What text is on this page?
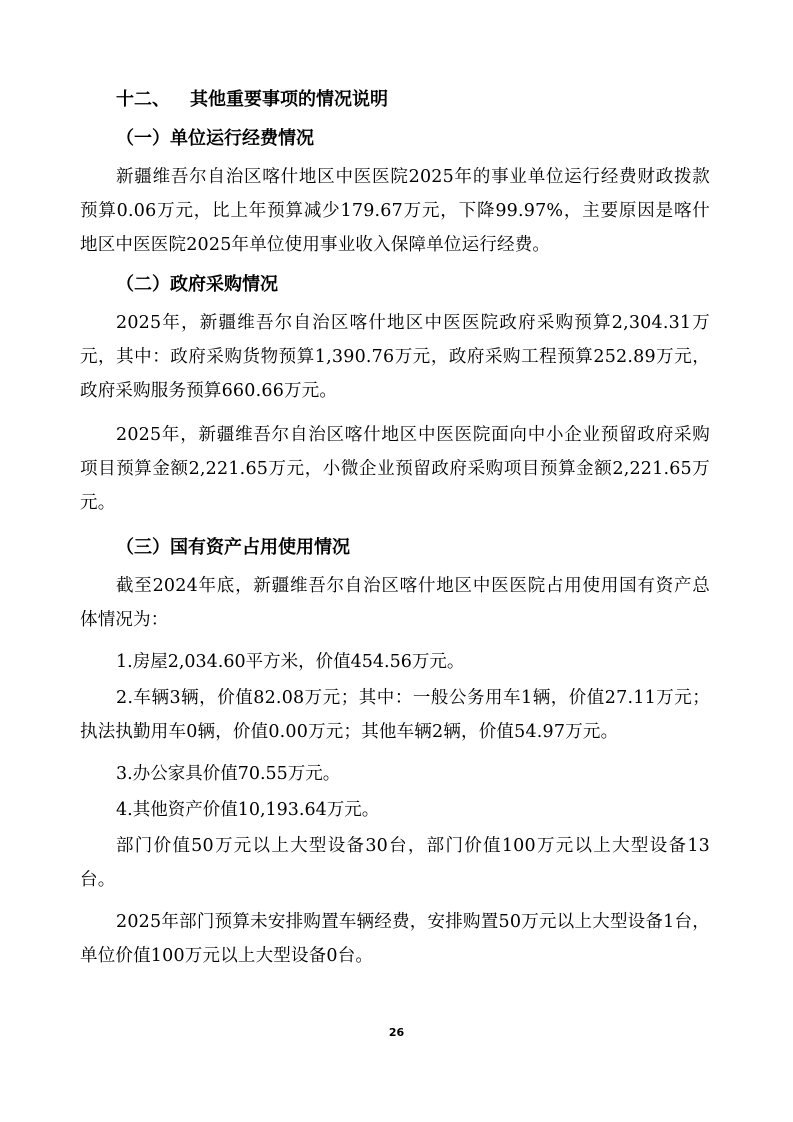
十二、 其他重要事项的情况说明
（一）单位运行经费情况
新疆维吾尔自治区喀什地区中医医院2025年的事业单位运行经费财政拨款预算0.06万元，比上年预算减少179.67万元，下降99.97%，主要原因是喀什地区中医医院2025年单位使用事业收入保障单位运行经费。
（二）政府采购情况
2025年，新疆维吾尔自治区喀什地区中医医院政府采购预算2,304.31万元，其中：政府采购货物预算1,390.76万元，政府采购工程预算252.89万元，政府采购服务预算660.66万元。
2025年，新疆维吾尔自治区喀什地区中医医院面向中小企业预留政府采购项目预算金额2,221.65万元，小微企业预留政府采购项目预算金额2,221.65万元。
（三）国有资产占用使用情况
截至2024年底，新疆维吾尔自治区喀什地区中医医院占用使用国有资产总体情况为：
1.房屋2,034.60平方米，价值454.56万元。
2.车辆3辆，价值82.08万元；其中：一般公务用车1辆，价值27.11万元；执法执勤用车0辆，价值0.00万元；其他车辆2辆，价值54.97万元。
3.办公家具价值70.55万元。
4.其他资产价值10,193.64万元。
部门价值50万元以上大型设备30台，部门价值100万元以上大型设备13台。
2025年部门预算未安排购置车辆经费，安排购置50万元以上大型设备1台，单位价值100万元以上大型设备0台。
26
